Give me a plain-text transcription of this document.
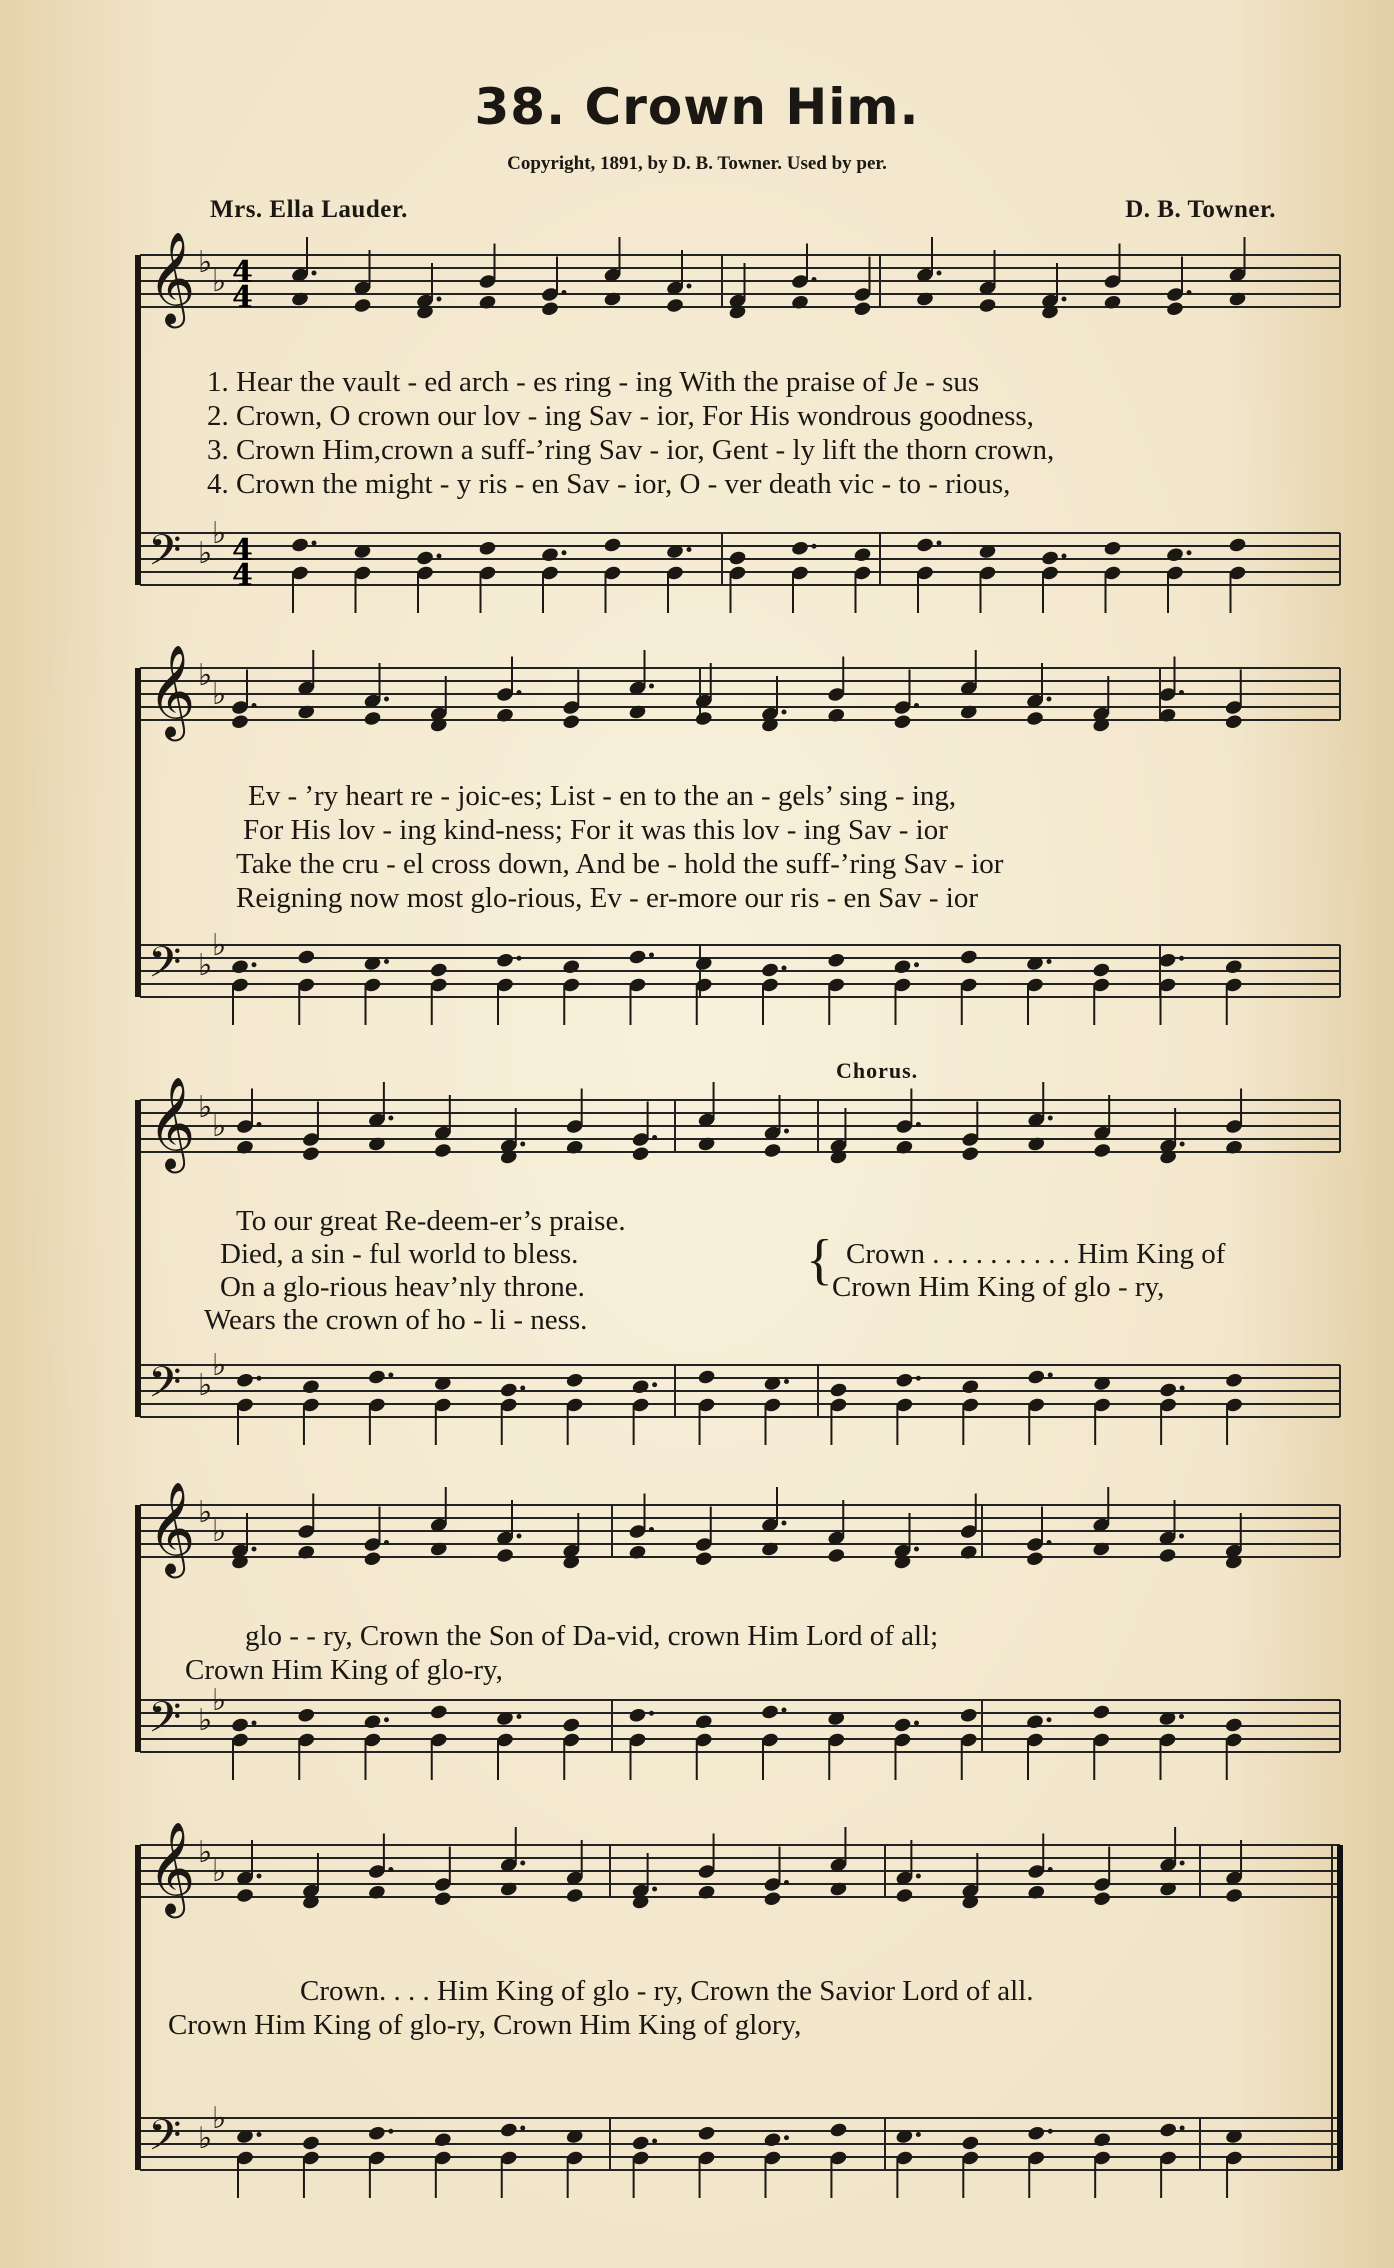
38. Crown Him.
Copyright, 1891, by D. B. Towner. Used by per.
Mrs. Ella Lauder.	D. B. Towner.
𝄞 ♭
♭ 4
4
𝄢 ♭
♭ 4
4
𝄞 ♭
♭
𝄢 ♭
♭
𝄞 ♭
♭
𝄢 ♭
♭
𝄞 ♭
♭
𝄢 ♭
♭
𝄞 ♭
♭
𝄢 ♭
♭
1. Hear the vault - ed arch - es ring - ing With the praise of Je - sus
2. Crown, O crown our lov - ing Sav - ior, For His wondrous goodness,
3. Crown Him,crown a suff-’ring Sav - ior, Gent - ly lift the thorn crown,
4. Crown the might - y ris - en Sav - ior, O - ver death vic - to - rious,
Ev - ’ry heart re - joic-es; List - en to the an - gels’ sing - ing,
For His lov - ing kind-ness; For it was this lov - ing Sav - ior
Take the cru - el cross down, And be - hold the suff-’ring Sav - ior
Reigning now most glo-rious, Ev - er-more our ris - en Sav - ior
Chorus.
To our great Re-deem-er’s praise.
Died, a sin - ful world to bless.
On a glo-rious heav’nly throne.
Wears the crown of ho - li - ness.
{ Crown . . . . . . . . . . Him King of
Crown Him King of glo - ry,
glo - - ry, Crown the Son of Da-vid, crown Him Lord of all;
Crown Him King of glo-ry,
Crown. . . . Him King of glo - ry, Crown the Savior Lord of all.
Crown Him King of glo-ry, Crown Him King of glory,
